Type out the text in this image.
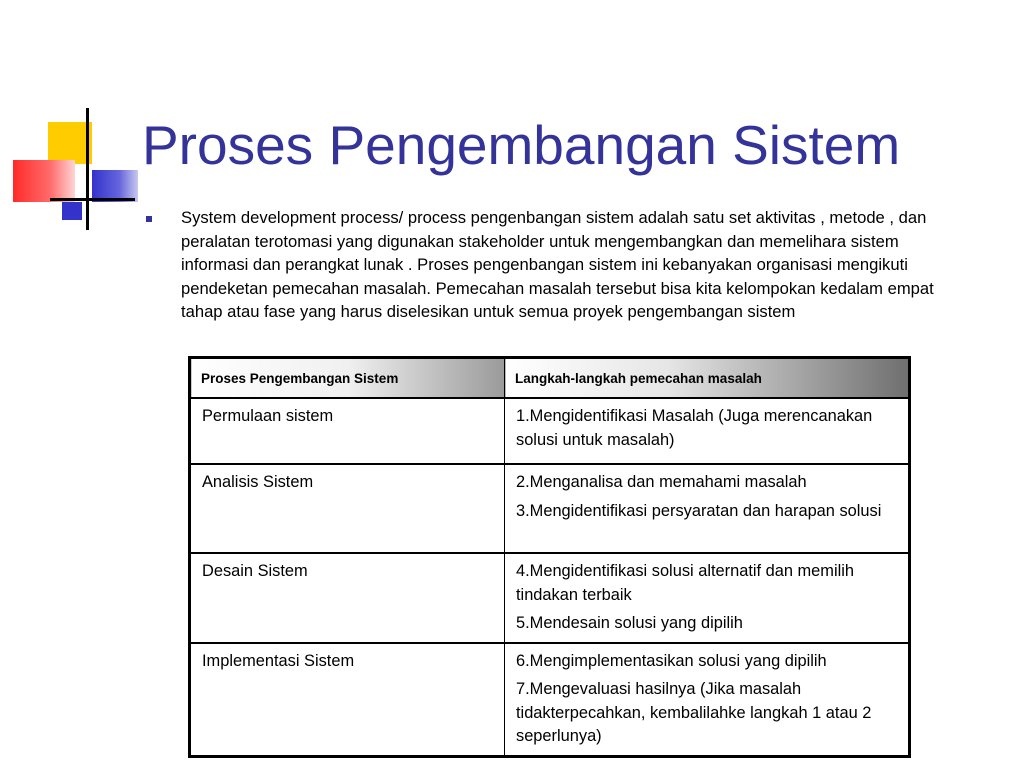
Proses Pengembangan Sistem

System development process/ process pengenbangan sistem adalah satu set aktivitas , metode , dan peralatan terotomasi yang digunakan stakeholder untuk mengembangkan dan memelihara sistem informasi dan perangkat lunak . Proses pengenbangan sistem ini kebanyakan organisasi mengikuti pendeketan pemecahan masalah. Pemecahan masalah tersebut bisa kita kelompokan kedalam empat tahap atau fase yang harus diselesikan untuk semua proyek pengembangan sistem

Proses Pengembangan Sistem	Langkah-langkah pemecahan masalah
Permulaan sistem	1.Mengidentifikasi Masalah (Juga merencanakan solusi untuk masalah)

Analisis Sistem	2.Menganalisa dan memahami masalah

3.Mengidentifikasi persyaratan dan harapan solusi

Desain Sistem	4.Mengidentifikasi solusi alternatif dan memilih tindakan terbaik

5.Mendesain solusi yang dipilih

Implementasi Sistem	6.Mengimplementasikan solusi yang dipilih

7.Mengevaluasi hasilnya (Jika masalah tidakterpecahkan, kembalilahke langkah 1 atau 2 seperlunya)
